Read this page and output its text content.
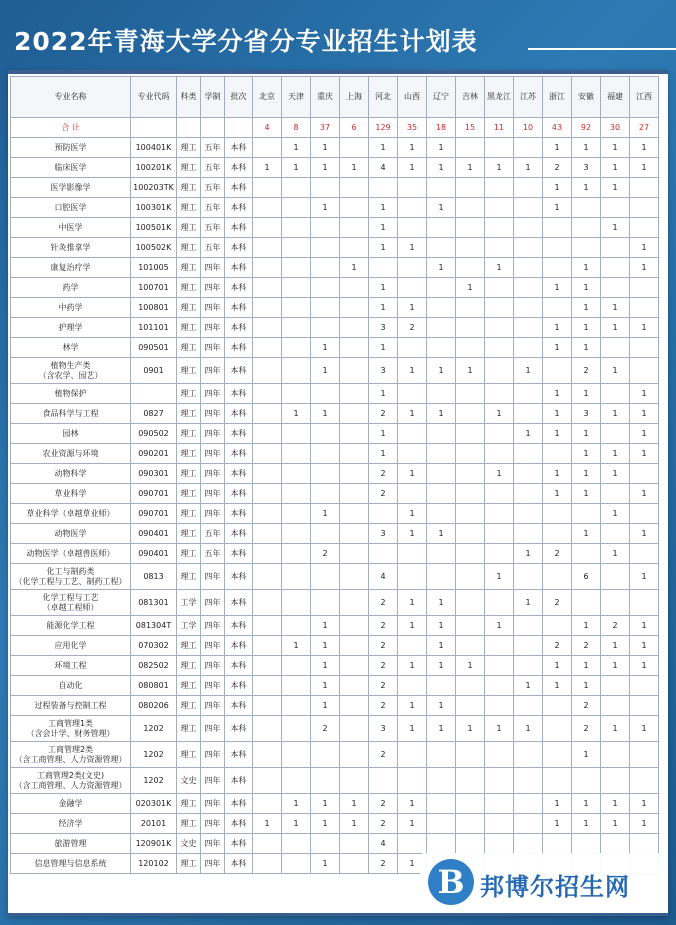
2022年青海大学分省分专业招生计划表
专业名称	专业代码	科类	学制	批次	北京	天津	重庆	上海	河北	山西	辽宁	吉林	黑龙江	江苏	浙江	安徽	福建	江西
合 计					4	8	37	6	129	35	18	15	11	10	43	92	30	27
预防医学	100401K	理工	五年	本科		1	1		1	1	1				1	1	1	1
临床医学	100201K	理工	五年	本科	1	1	1	1	4	1	1	1	1	1	2	3	1	1
医学影像学	100203TK	理工	五年	本科											1	1	1	
口腔医学	100301K	理工	五年	本科			1		1		1				1			
中医学	100501K	理工	五年	本科					1								1	
针灸推拿学	100502K	理工	五年	本科					1	1								1
康复治疗学	101005	理工	四年	本科				1			1		1			1		1
药学	100701	理工	四年	本科					1			1			1	1		
中药学	100801	理工	四年	本科					1	1						1	1	
护理学	101101	理工	四年	本科					3	2					1	1	1	1
林学	090501	理工	四年	本科			1		1						1	1		
植物生产类
（含农学、园艺）	0901	理工	四年	本科			1		3	1	1	1		1		2	1	
植物保护		理工	四年	本科					1						1	1		1
食品科学与工程	0827	理工	四年	本科		1	1		2	1	1		1		1	3	1	1
园林	090502	理工	四年	本科					1					1	1	1		1
农业资源与环境	090201	理工	四年	本科					1							1	1	1
动物科学	090301	理工	四年	本科					2	1			1		1	1	1	
草业科学	090701	理工	四年	本科					2						1	1		1
草业科学（卓越草业师）	090701	理工	四年	本科			1			1							1	
动物医学	090401	理工	五年	本科					3	1	1					1		1
动物医学（卓越兽医师）	090401	理工	五年	本科			2							1	2		1	
化工与制药类
（化学工程与工艺、制药工程）	0813	理工	四年	本科					4				1			6		1
化学工程与工艺
（卓越工程师）	081301	工学	四年	本科					2	1	1			1	2			
能源化学工程	081304T	工学	四年	本科			1		2	1	1		1			1	2	1
应用化学	070302	理工	四年	本科		1	1		2		1				2	2	1	1
环境工程	082502	理工	四年	本科			1		2	1	1	1			1	1	1	1
自动化	080801	理工	四年	本科			1		2					1	1	1		
过程装备与控制工程	080206	理工	四年	本科			1		2	1	1					2		
工商管理1类
（含会计学、财务管理）	1202	理工	四年	本科			2		3	1	1	1	1	1		2	1	1
工商管理2类
（含工商管理、人力资源管理）	1202	理工	四年	本科					2							1		
工商管理2类(文史)
（含工商管理、人力资源管理）	1202	文史	四年	本科														
金融学	020301K	理工	四年	本科		1	1	1	2	1					1	1	1	1
经济学	20101	理工	四年	本科	1	1	1	1	2	1					1	1	1	1
旅游管理	120901K	文史	四年	本科					4									
信息管理与信息系统	120102	理工	四年	本科			1		2	1								B 邦博尔招生网
